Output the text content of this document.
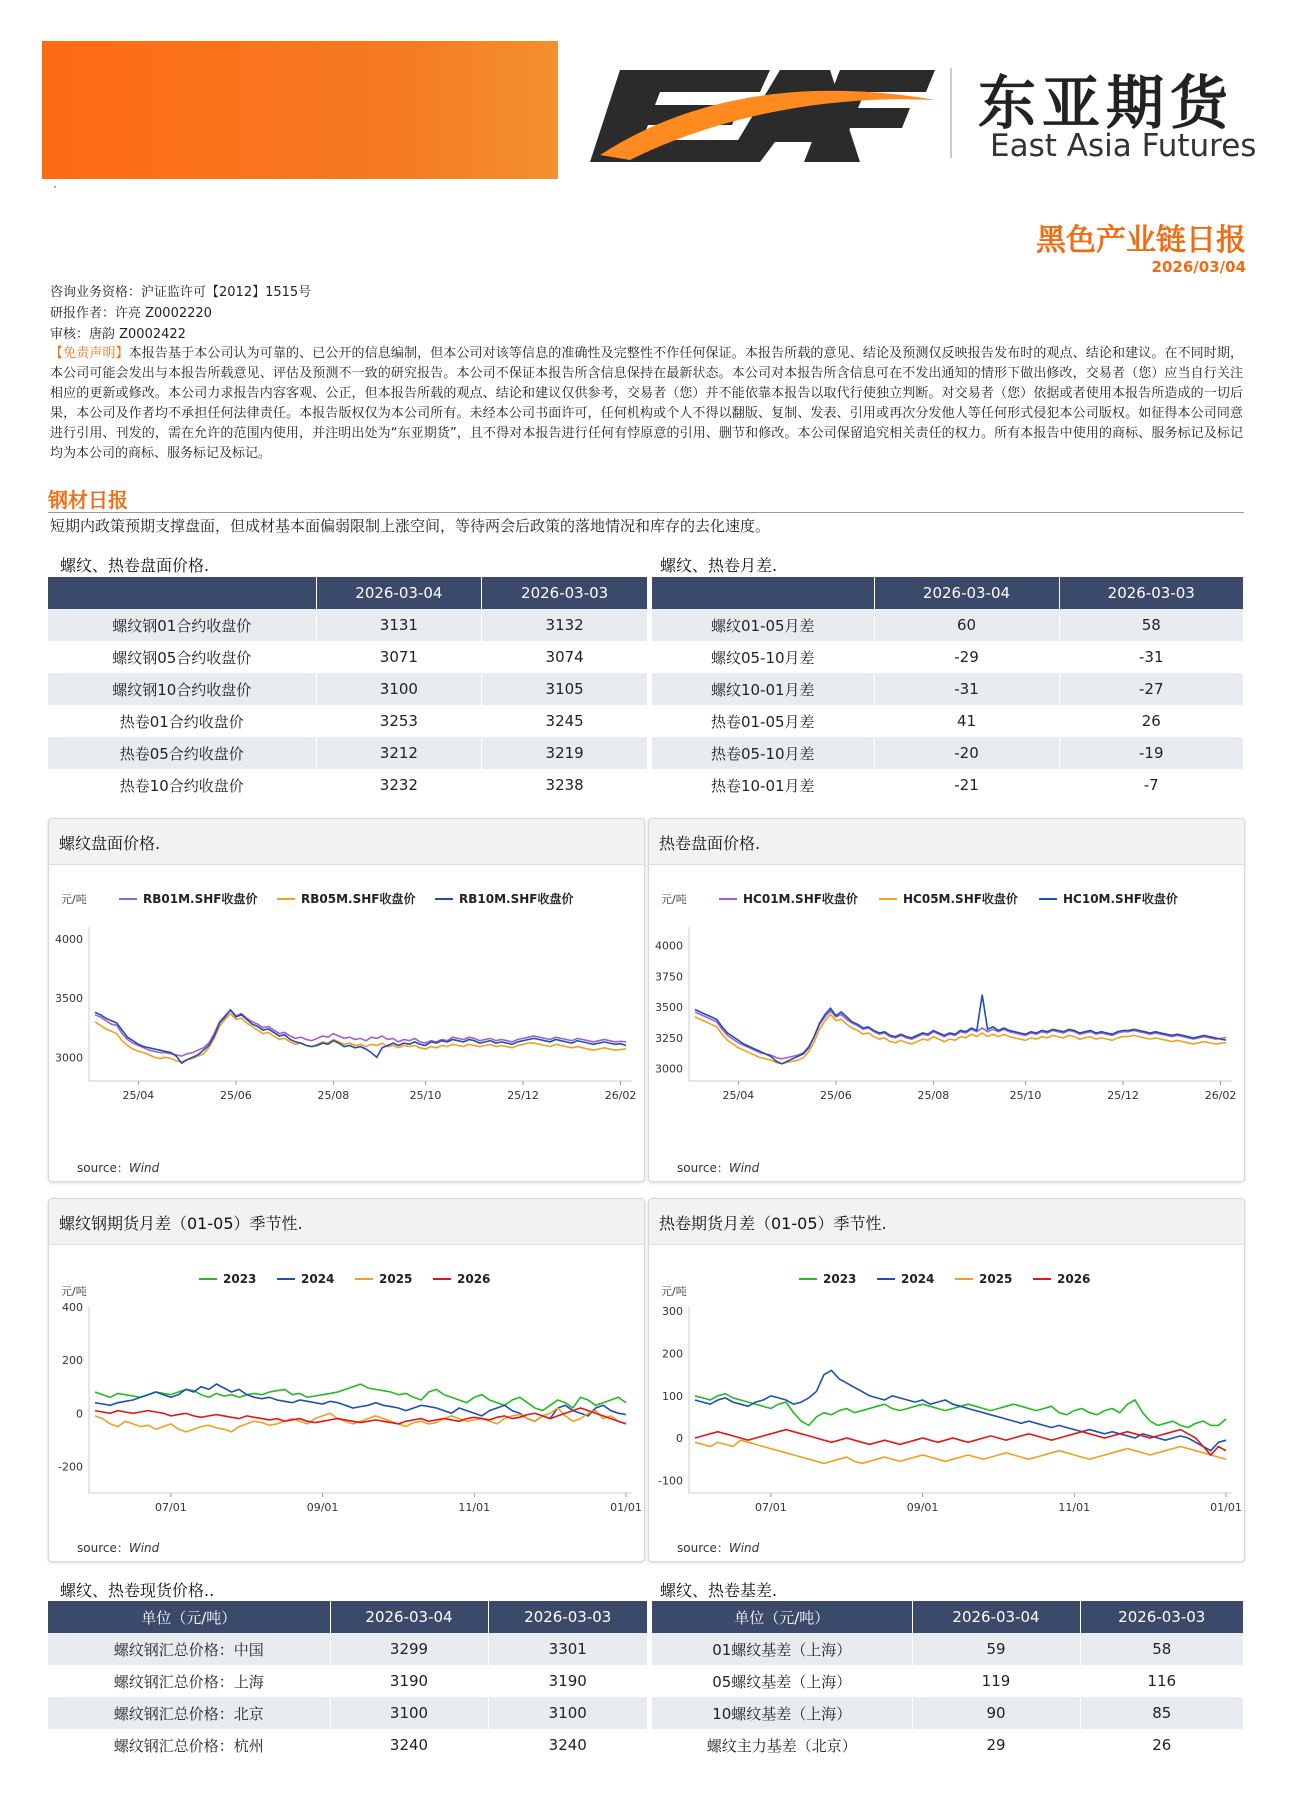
东亚期货
East Asia Futures
·
黑色产业链日报
2026/03/04
咨询业务资格：沪证监许可【2012】1515号
研报作者：许亮 Z0002220
审核：唐韵 Z0002422
【免责声明】本报告基于本公司认为可靠的、已公开的信息编制，但本公司对该等信息的准确性及完整性不作任何保证。本报告所载的意见、结论及预测仅反映报告发布时的观点、结论和建议。在不同时期，本公司可能会发出与本报告所载意见、评估及预测不一致的研究报告。本公司不保证本报告所含信息保持在最新状态。本公司对本报告所含信息可在不发出通知的情形下做出修改，交易者（您）应当自行关注相应的更新或修改。本公司力求报告内容客观、公正，但本报告所载的观点、结论和建议仅供参考，交易者（您）并不能依靠本报告以取代行使独立判断。对交易者（您）依据或者使用本报告所造成的一切后果，本公司及作者均不承担任何法律责任。本报告版权仅为本公司所有。未经本公司书面许可，任何机构或个人不得以翻版、复制、发表、引用或再次分发他人等任何形式侵犯本公司版权。如征得本公司同意进行引用、刊发的，需在允许的范围内使用，并注明出处为“东亚期货”，且不得对本报告进行任何有悖原意的引用、删节和修改。本公司保留追究相关责任的权力。所有本报告中使用的商标、服务标记及标记均为本公司的商标、服务标记及标记。
钢材日报
短期内政策预期支撑盘面，但成材基本面偏弱限制上涨空间，等待两会后政策的落地情况和库存的去化速度。
螺纹、热卷盘面价格.
	2026-03-04	2026-03-03
螺纹钢01合约收盘价	3131	3132
螺纹钢05合约收盘价	3071	3074
螺纹钢10合约收盘价	3100	3105
热卷01合约收盘价	3253	3245
热卷05合约收盘价	3212	3219
热卷10合约收盘价	3232	3238
螺纹、热卷月差.
	2026-03-04	2026-03-03
螺纹01-05月差	60	58
螺纹05-10月差	-29	-31
螺纹10-01月差	-31	-27
热卷01-05月差	41	26
热卷05-10月差	-20	-19
热卷10-01月差	-21	-7
螺纹盘面价格.
元/吨	RB01M.SHF收盘价	RB05M.SHF收盘价	RB10M.SHF收盘价
4000
3500
3000
25/04	25/06	25/08	25/10	25/12	26/02
source：Wind
热卷盘面价格.
元/吨	HC01M.SHF收盘价	HC05M.SHF收盘价	HC10M.SHF收盘价
4000
3750
3500
3250
3000
25/04	25/06	25/08	25/10	25/12	26/02
source：Wind
螺纹钢期货月差（01-05）季节性.
元/吨
2023	2024	2025	2026
400
200
0
-200
07/01	09/01	11/01	01/01
source：Wind
热卷期货月差（01-05）季节性.
元/吨
2023	2024	2025	2026
300
200
100
0
-100
07/01	09/01	11/01	01/01
source：Wind
螺纹、热卷现货价格..
单位（元/吨）	2026-03-04	2026-03-03
螺纹钢汇总价格：中国	3299	3301
螺纹钢汇总价格：上海	3190	3190
螺纹钢汇总价格：北京	3100	3100
螺纹钢汇总价格：杭州	3240	3240
螺纹、热卷基差.
单位（元/吨）	2026-03-04	2026-03-03
01螺纹基差（上海）	59	58
05螺纹基差（上海）	119	116
10螺纹基差（上海）	90	85
螺纹主力基差（北京）	29	26
